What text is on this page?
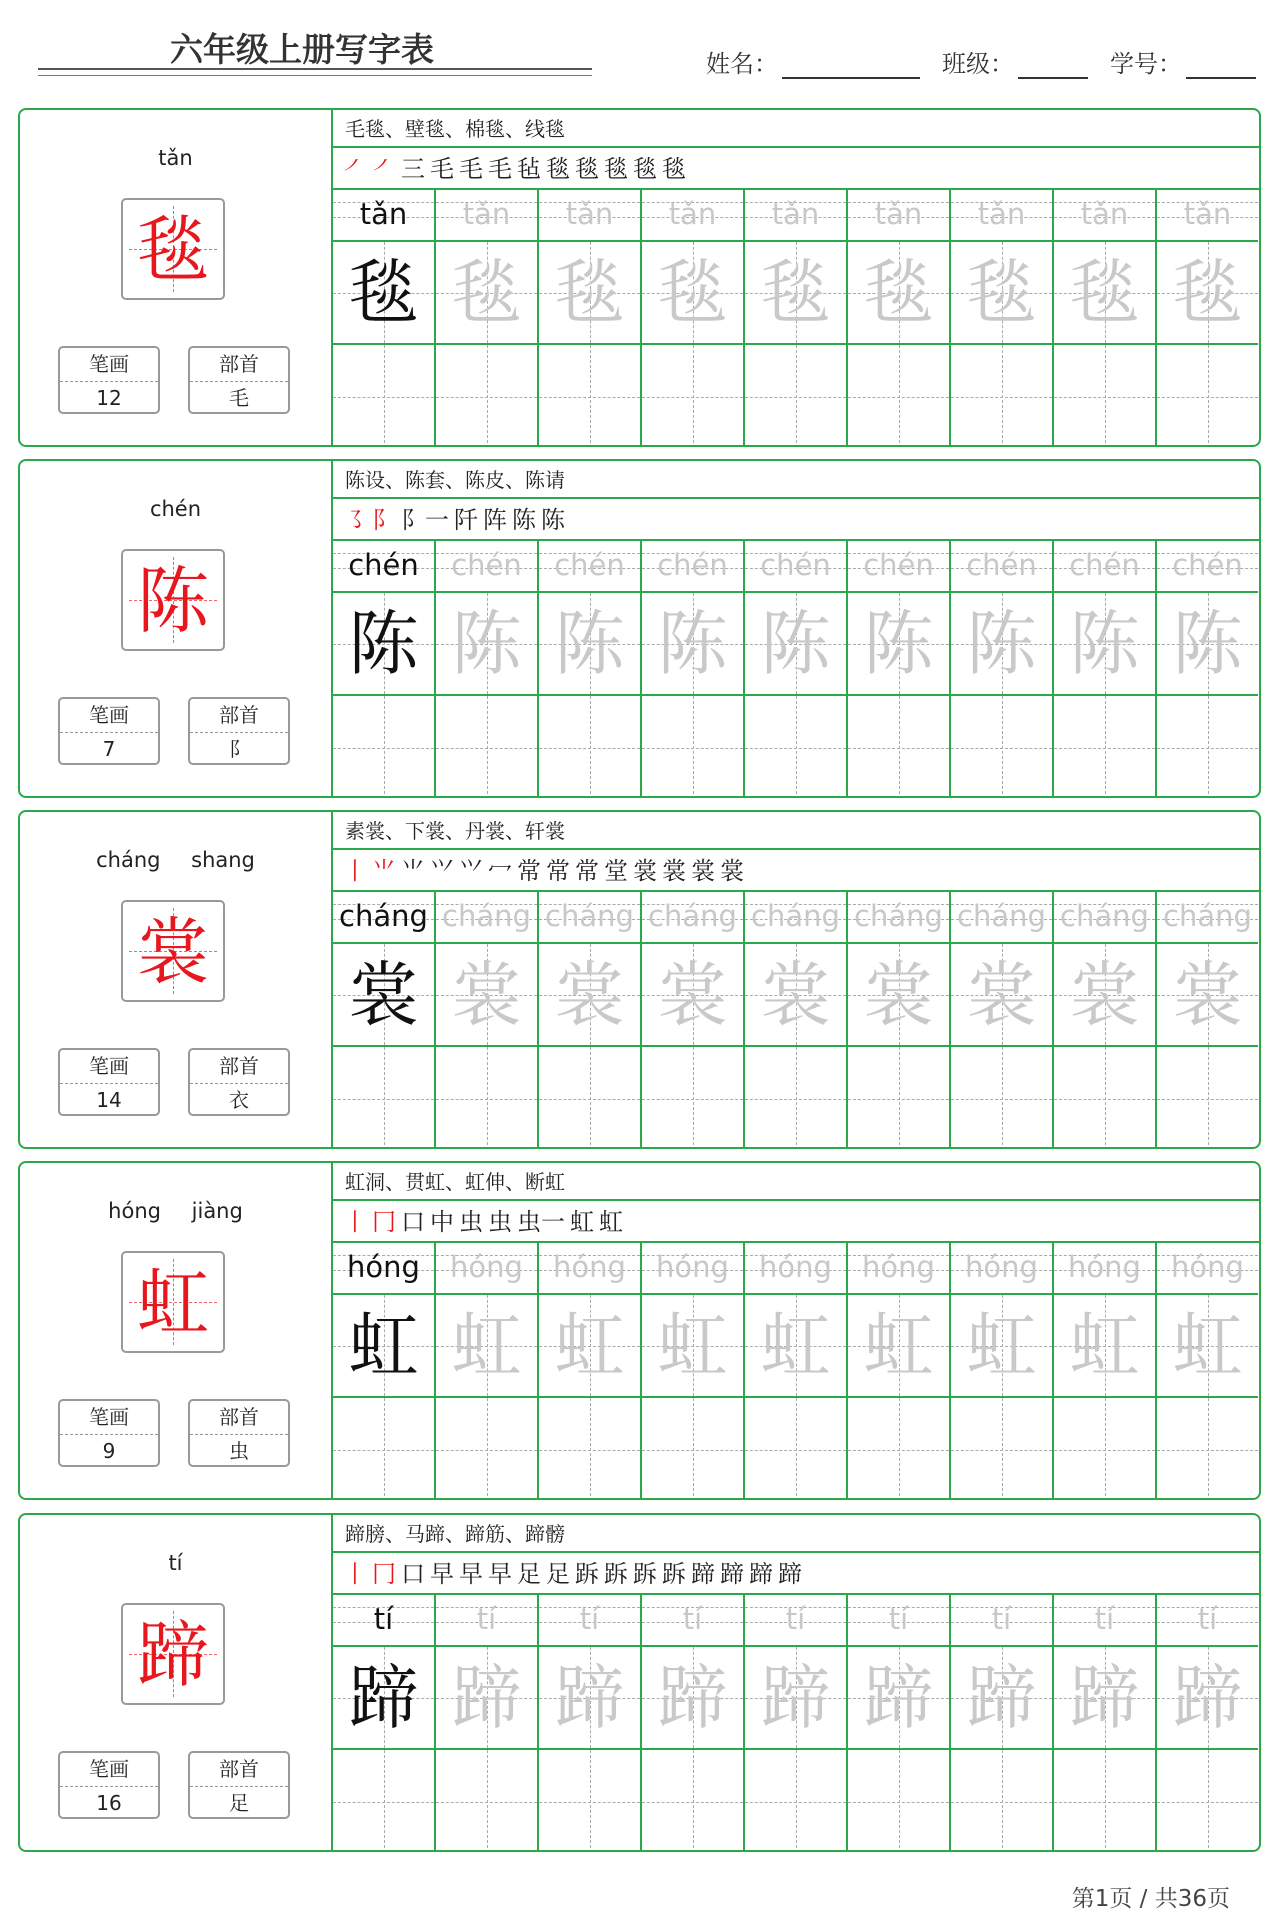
六年级上册写字表	姓名：	班级：	学号：
tǎn
毯
笔画
12
部首
毛
毛毯、壁毯、棉毯、线毯
㇒ ㇒ 三 毛 毛 毛 毡 毯 毯 毯 毯 毯
tǎn
毯
tǎn
毯
tǎn
毯
tǎn
毯
tǎn
毯
tǎn
毯
tǎn
毯
tǎn
毯
tǎn
毯
chén
陈
笔画
7
部首
阝
陈设、陈套、陈皮、陈请
㇌ 阝 阝一 阡 阵 陈 陈
chén
陈
chén
陈
chén
陈
chén
陈
chén
陈
chén
陈
chén
陈
chén
陈
chén
陈
cháng shang
裳
笔画
14
部首
衣
素裳、下裳、丹裳、轩裳
丨 ⺌ ⺌ ⺍ ⺍ 冖 常 常 常 堂 裳 裳 裳 裳
cháng
裳
cháng
裳
cháng
裳
cháng
裳
cháng
裳
cháng
裳
cháng
裳
cháng
裳
cháng
裳
hóng jiàng
虹
笔画
9
部首
虫
虹洞、贯虹、虹伸、断虹
丨 冂 口 中 虫 虫 虫一 虹 虹
hóng
虹
hóng
虹
hóng
虹
hóng
虹
hóng
虹
hóng
虹
hóng
虹
hóng
虹
hóng
虹
tí
蹄
笔画
16
部首
足
蹄膀、马蹄、蹄筋、蹄髈
丨 冂 口 早 早 早 足 足 跅 跅 跅 跅 蹄 蹄 蹄 蹄
tí
蹄
tí
蹄
tí
蹄
tí
蹄
tí
蹄
tí
蹄
tí
蹄
tí
蹄
tí
蹄
第1页 / 共36页
